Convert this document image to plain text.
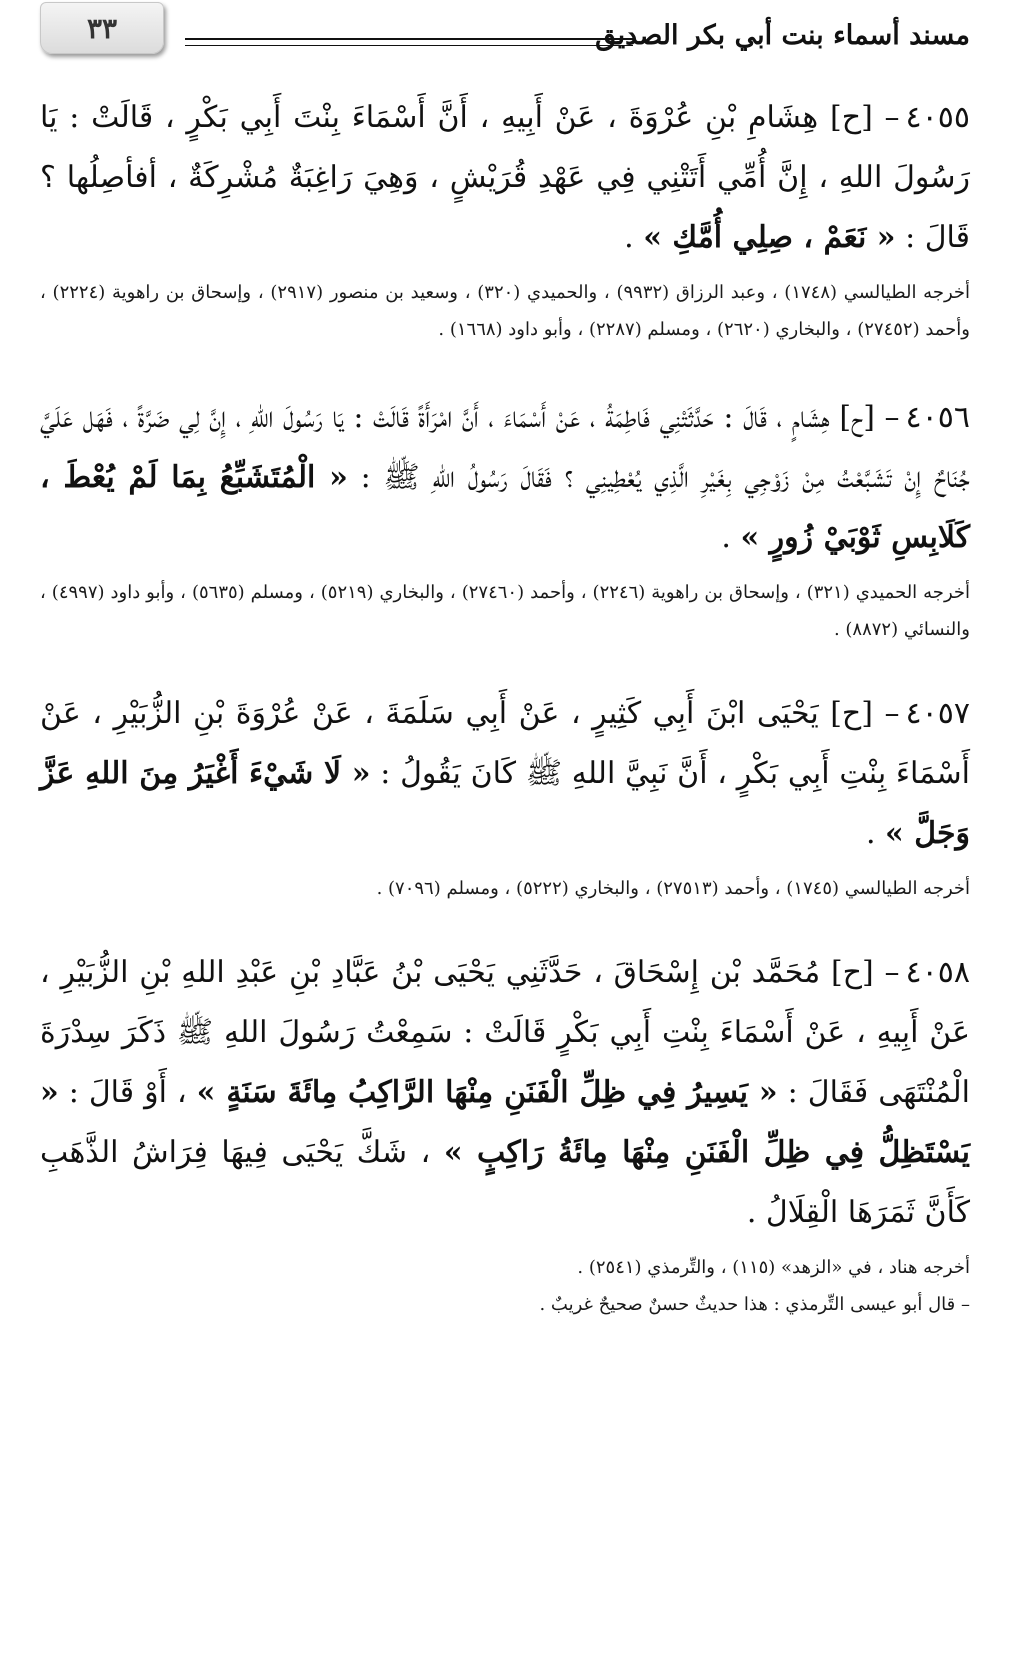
مسند أسماء بنت أبي بكر الصديق
٣٣

٤٠٥٥– [ح] هِشَامِ بْنِ عُرْوَةَ ، عَنْ أَبِيهِ ، أَنَّ أَسْمَاءَ بِنْتَ أَبِي بَكْرٍ ، قَالَتْ : يَا رَسُولَ اللهِ ، إِنَّ أُمِّي أَتَتْنِي فِي عَهْدِ قُرَيْشٍ ، وَهِيَ رَاغِبَةٌ مُشْرِكَةٌ ، أفأصِلُها ؟ قَالَ : « نَعَمْ ، صِلِي أُمَّكِ » .

أخرجه الطيالسي (١٧٤٨) ، وعبد الرزاق (٩٩٣٢) ، والحميدي (٣٢٠) ، وسعيد بن منصور (٢٩١٧) ، وإسحاق بن راهوية (٢٢٢٤) ، وأحمد (٢٧٤٥٢) ، والبخاري (٢٦٢٠) ، ومسلم (٢٢٨٧) ، وأبو داود (١٦٦٨) .

٤٠٥٦– [ح] هِشَامٍ ، قَالَ : حَدَّثَتْنِي فَاطِمَةُ ، عَنْ أَسْمَاءَ ، أَنَّ امْرَأَةً قَالَتْ : يَا رَسُولَ اللهِ ، إِنَّ لِي ضَرَّةً ، فَهَل عَلَيَّ جُنَاحٌ إِنْ تَشَبَّعْتُ مِنْ زَوْجِي بِغَيْرِ الَّذِي يُعْطِينِي ؟ فَقَالَ رَسُولُ اللهِ ﷺ : « الْمُتَشَبِّعُ بِمَا لَمْ يُعْطَ ، كَلَابِسِ ثَوْبَيْ زُورٍ » .

أخرجه الحميدي (٣٢١) ، وإسحاق بن راهوية (٢٢٤٦) ، وأحمد (٢٧٤٦٠) ، والبخاري (٥٢١٩) ، ومسلم (٥٦٣٥) ، وأبو داود (٤٩٩٧) ، والنسائي (٨٨٧٢) .

٤٠٥٧– [ح] يَحْيَى ابْنَ أَبِي كَثِيرٍ ، عَنْ أَبِي سَلَمَةَ ، عَنْ عُرْوَةَ بْنِ الزُّبَيْرِ ، عَنْ أَسْمَاءَ بِنْتِ أَبِي بَكْرٍ ، أَنَّ نَبِيَّ اللهِ ﷺ كَانَ يَقُولُ : « لَا شَيْءَ أَغْيَرُ مِنَ اللهِ عَزَّ وَجَلَّ » .

أخرجه الطيالسي (١٧٤٥) ، وأحمد (٢٧٥١٣) ، والبخاري (٥٢٢٢) ، ومسلم (٧٠٩٦) .

٤٠٥٨– [ح] مُحَمَّد بْن إِسْحَاقَ ، حَدَّثَنِي يَحْيَى بْنُ عَبَّادِ بْنِ عَبْدِ اللهِ بْنِ الزُّبَيْرِ ، عَنْ أَبِيهِ ، عَنْ أَسْمَاءَ بِنْتِ أَبِي بَكْرٍ قَالَتْ : سَمِعْتُ رَسُولَ اللهِ ﷺ ذَكَرَ سِدْرَةَ الْمُنْتَهَى فَقَالَ : « يَسِيرُ فِي ظِلِّ الْفَنَنِ مِنْهَا الرَّاكِبُ مِائَةَ سَنَةٍ » ، أَوْ قَالَ : « يَسْتَظِلُّ فِي ظِلِّ الْفَنَنِ مِنْهَا مِائَةُ رَاكِبٍ » ، شَكَّ يَحْيَى فِيهَا فِرَاشُ الذَّهَبِ كَأَنَّ ثَمَرَهَا الْقِلَالُ .

أخرجه هناد ، في «الزهد» (١١٥) ، والتِّرمذي (٢٥٤١) .

– قال أبو عيسى التِّرمذي : هذا حديثٌ حسنٌ صحيحٌ غريبٌ .
